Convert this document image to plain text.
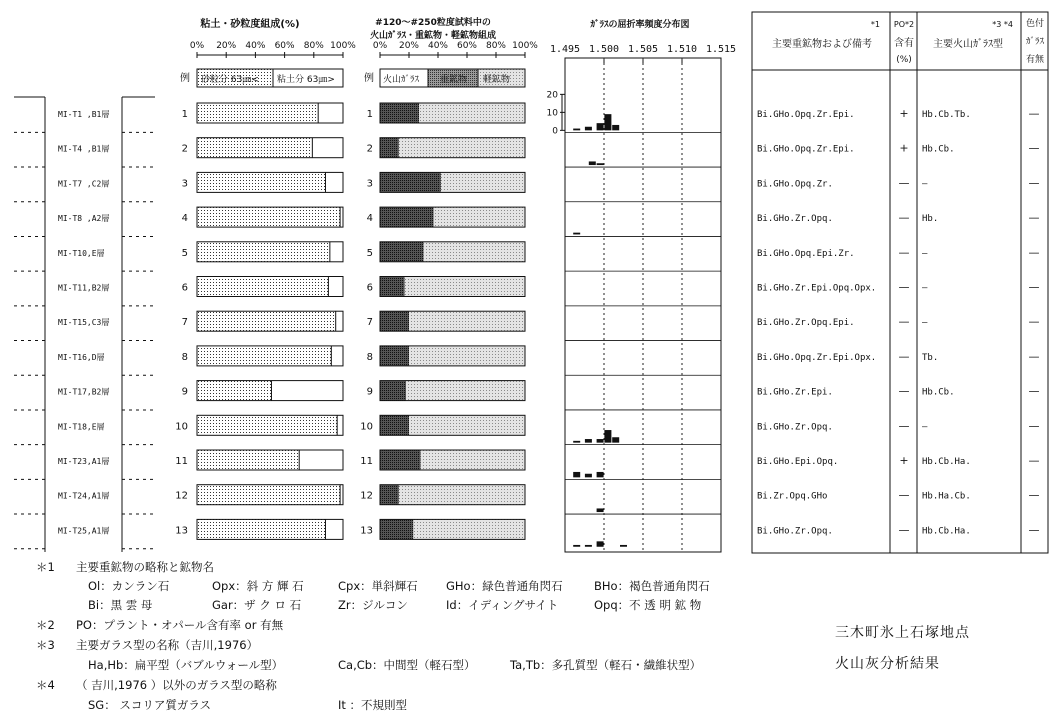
粘土・砂粒度組成(%)
0% 20% 40% 60% 80% 100%
例 砂粒分 63㎛< 粘土分 63㎛>
#120～#250粒度試料中の
火山ｶﾞﾗｽ・重鉱物・軽鉱物組成
0% 20% 40% 60% 80% 100%
例 火山ｶﾞﾗｽ 重鉱物 軽鉱物
ｶﾞﾗｽの屈折率頻度分布図
1.495 1.500 1.505 1.510 1.515
20
10
0
MI-T1 ,B1層
MI-T4 ,B1層
MI-T7 ,C2層
MI-T8 ,A2層
MI-T10,E層
MI-T11,B2層
MI-T15,C3層
MI-T16,D層
MI-T17,B2層
MI-T18,E層
MI-T23,A1層
MI-T24,A1層
MI-T25,A1層
1
2
3
4
5
6
7
8
9
10
11
12
13
1
2
3
4
5
6
7
8
9
10
11
12
13
*1
主要重鉱物および備考
PO*2
含有
(%)
*3 *4
主要火山ｶﾞﾗｽ型
色付
ｶﾞﾗｽ
有無
Bi.GHo.Opq.Zr.Epi.	+ Hb.Cb.Tb.	—
Bi.GHo.Opq.Zr.Epi.	+ Hb.Cb.	—
Bi.GHo.Opq.Zr.	— —	—
Bi.GHo.Zr.Opq.	— Hb.	—
Bi.GHo.Opq.Epi.Zr.	— —	—
Bi.GHo.Zr.Epi.Opq.Opx. — —	—
Bi.GHo.Zr.Opq.Epi.	— —	—
Bi.GHo.Opq.Zr.Epi.Opx. — Tb.	—
Bi.GHo.Zr.Epi.	— Hb.Cb.	—
Bi.GHo.Zr.Opq.	— —	—
Bi.GHo.Epi.Opq.	+ Hb.Cb.Ha.	—
Bi.Zr.Opq.GHo	— Hb.Ha.Cb.	—
Bi.GHo.Zr.Opq.	— Hb.Cb.Ha.	—
＊1 主要重鉱物の略称と鉱物名
Ol：カンラン石	Opx：斜 方 輝 石	Cpx：単斜輝石 GHo：緑色普通角閃石	BHo：褐色普通角閃石
Bi：黒 雲 母	Gar：ザ ク ロ 石	Zr：ジルコン	Id：イディングサイト	Opq：不 透 明 鉱 物
＊2 PO：プラント・オパール含有率 or 有無
＊3 主要ガラス型の名称（吉川,1976）
Ha,Hb：扁平型（バブルウォール型）	Ca,Cb：中間型（軽石型）	Ta,Tb：多孔質型（軽石・繊維状型）
＊4 （ 吉川,1976 ）以外のガラス型の略称
SG： スコリア質ガラス	It ：不規則型
三木町氷上石塚地点
火山灰分析結果
